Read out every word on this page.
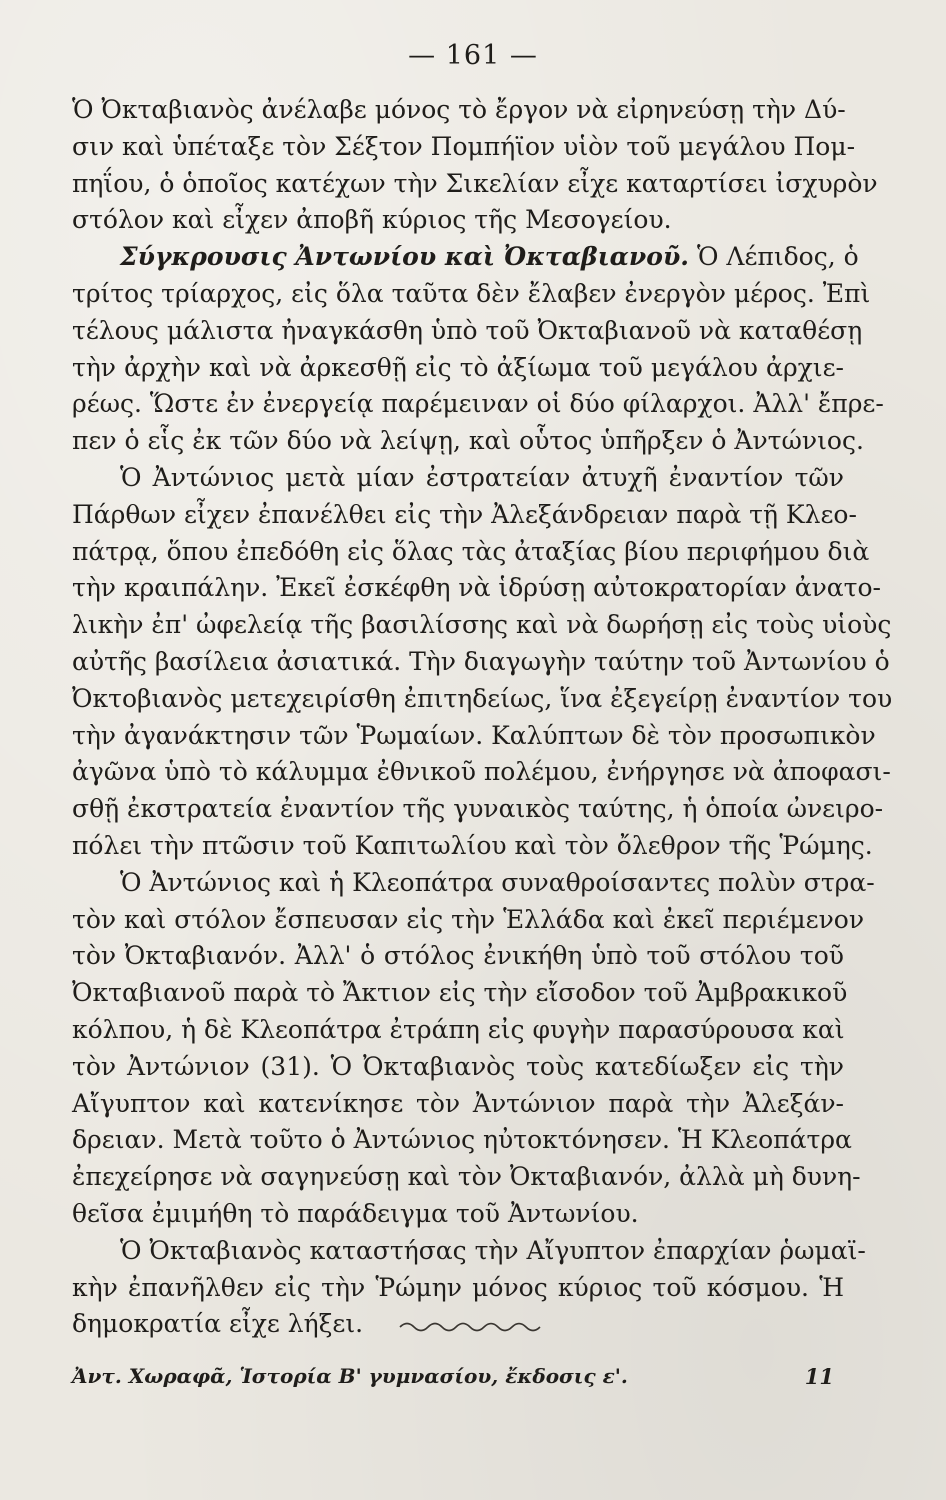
— 161 —
Ὁ Ὀκταβιανὸς ἀνέλαβε μόνος τὸ ἔργον νὰ εἰρηνεύσῃ τὴν Δύ-
σιν καὶ ὑπέταξε τὸν Σέξτον Πομπήϊον υἱὸν τοῦ μεγάλου Πομ-
πηΐου, ὁ ὁποῖος κατέχων τὴν Σικελίαν εἶχε καταρτίσει ἰσχυρὸν
στόλον καὶ εἶχεν ἀποβῆ κύριος τῆς Μεσογείου.
Σύγκρουσις Ἀντωνίου καὶ Ὀκταβιανοῦ. Ὁ Λέπιδος, ὁ
τρίτος τρίαρχος, εἰς ὅλα ταῦτα δὲν ἔλαβεν ἐνεργὸν μέρος. Ἐπὶ
τέλους μάλιστα ἠναγκάσθη ὑπὸ τοῦ Ὀκταβιανοῦ νὰ καταθέσῃ
τὴν ἀρχὴν καὶ νὰ ἀρκεσθῇ εἰς τὸ ἀξίωμα τοῦ μεγάλου ἀρχιε-
ρέως. Ὥστε ἐν ἐνεργείᾳ παρέμειναν οἱ δύο φίλαρχοι. Ἀλλ' ἔπρε-
πεν ὁ εἷς ἐκ τῶν δύο νὰ λείψῃ, καὶ οὗτος ὑπῆρξεν ὁ Ἀντώνιος.
Ὁ Ἀντώνιος μετὰ μίαν ἐστρατείαν ἀτυχῆ ἐναντίον τῶν
Πάρθων εἶχεν ἐπανέλθει εἰς τὴν Ἀλεξάνδρειαν παρὰ τῇ Κλεο-
πάτρᾳ, ὅπου ἐπεδόθη εἰς ὅλας τὰς ἀταξίας βίου περιφήμου διὰ
τὴν κραιπάλην. Ἐκεῖ ἐσκέφθη νὰ ἱδρύσῃ αὐτοκρατορίαν ἀνατο-
λικὴν ἐπ' ὠφελείᾳ τῆς βασιλίσσης καὶ νὰ δωρήσῃ εἰς τοὺς υἱοὺς
αὐτῆς βασίλεια ἀσιατικά. Τὴν διαγωγὴν ταύτην τοῦ Ἀντωνίου ὁ
Ὀκτοβιανὸς μετεχειρίσθη ἐπιτηδείως, ἵνα ἐξεγείρῃ ἐναντίον του
τὴν ἀγανάκτησιν τῶν Ῥωμαίων. Καλύπτων δὲ τὸν προσωπικὸν
ἀγῶνα ὑπὸ τὸ κάλυμμα ἐθνικοῦ πολέμου, ἐνήργησε νὰ ἀποφασι-
σθῇ ἐκστρατεία ἐναντίον τῆς γυναικὸς ταύτης, ἡ ὁποία ὠνειρο-
πόλει τὴν πτῶσιν τοῦ Καπιτωλίου καὶ τὸν ὄλεθρον τῆς Ῥώμης.
Ὁ Ἀντώνιος καὶ ἡ Κλεοπάτρα συναθροίσαντες πολὺν στρα-
τὸν καὶ στόλον ἔσπευσαν εἰς τὴν Ἑλλάδα καὶ ἐκεῖ περιέμενον
τὸν Ὀκταβιανόν. Ἀλλ' ὁ στόλος ἐνικήθη ὑπὸ τοῦ στόλου τοῦ
Ὀκταβιανοῦ παρὰ τὸ Ἄκτιον εἰς τὴν εἴσοδον τοῦ Ἀμβρακικοῦ
κόλπου, ἡ δὲ Κλεοπάτρα ἐτράπη εἰς φυγὴν παρασύρουσα καὶ
τὸν Ἀντώνιον (31). Ὁ Ὀκταβιανὸς τοὺς κατεδίωξεν εἰς τὴν
Αἴγυπτον καὶ κατενίκησε τὸν Ἀντώνιον παρὰ τὴν Ἀλεξάν-
δρειαν. Μετὰ τοῦτο ὁ Ἀντώνιος ηὐτοκτόνησεν. Ἡ Κλεοπάτρα
ἐπεχείρησε νὰ σαγηνεύσῃ καὶ τὸν Ὀκταβιανόν, ἀλλὰ μὴ δυνη-
θεῖσα ἐμιμήθη τὸ παράδειγμα τοῦ Ἀντωνίου.
Ὁ Ὀκταβιανὸς καταστήσας τὴν Αἴγυπτον ἐπαρχίαν ῥωμαϊ-
κὴν ἐπανῆλθεν εἰς τὴν Ῥώμην μόνος κύριος τοῦ κόσμου. Ἡ
δημοκρατία εἶχε λήξει.
Ἀντ. Χωραφᾶ, Ἱστορία Β' γυμνασίου, ἔκδοσις ε'.	11
